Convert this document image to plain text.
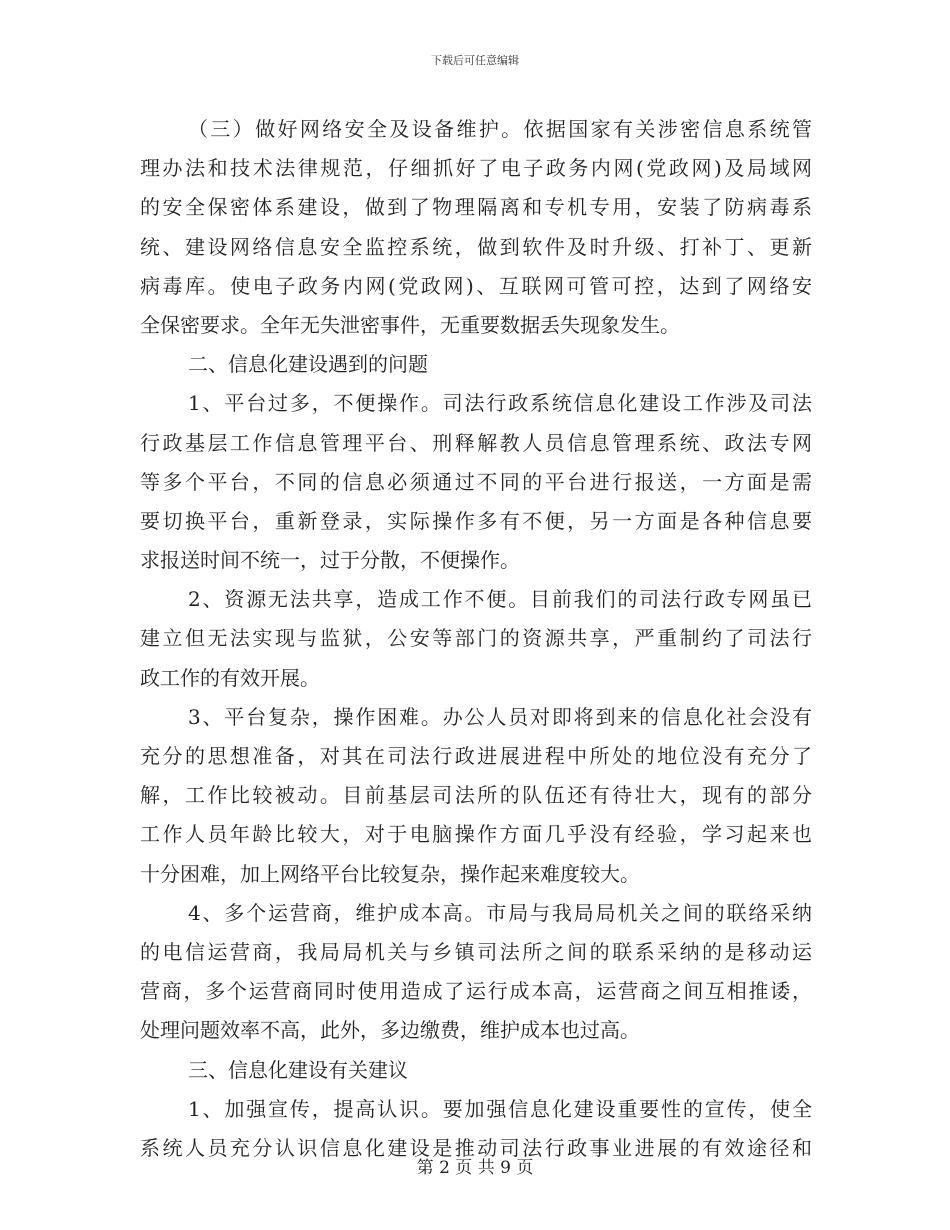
下载后可任意编辑
（三）做好网络安全及设备维护。依据国家有关涉密信息系统管
理办法和技术法律规范，仔细抓好了电子政务内网(党政网)及局域网
的安全保密体系建设，做到了物理隔离和专机专用，安装了防病毒系
统、建设网络信息安全监控系统，做到软件及时升级、打补丁、更新
病毒库。使电子政务内网(党政网)、互联网可管可控，达到了网络安
全保密要求。全年无失泄密事件，无重要数据丢失现象发生。
二、信息化建设遇到的问题
1、平台过多，不便操作。司法行政系统信息化建设工作涉及司法
行政基层工作信息管理平台、刑释解教人员信息管理系统、政法专网
等多个平台，不同的信息必须通过不同的平台进行报送，一方面是需
要切换平台，重新登录，实际操作多有不便，另一方面是各种信息要
求报送时间不统一，过于分散，不便操作。
2、资源无法共享，造成工作不便。目前我们的司法行政专网虽已
建立但无法实现与监狱，公安等部门的资源共享，严重制约了司法行
政工作的有效开展。
3、平台复杂，操作困难。办公人员对即将到来的信息化社会没有
充分的思想准备，对其在司法行政进展进程中所处的地位没有充分了
解，工作比较被动。目前基层司法所的队伍还有待壮大，现有的部分
工作人员年龄比较大，对于电脑操作方面几乎没有经验，学习起来也
十分困难，加上网络平台比较复杂，操作起来难度较大。
4、多个运营商，维护成本高。市局与我局局机关之间的联络采纳
的电信运营商，我局局机关与乡镇司法所之间的联系采纳的是移动运
营商，多个运营商同时使用造成了运行成本高，运营商之间互相推诿，
处理问题效率不高，此外，多边缴费，维护成本也过高。
三、信息化建设有关建议
1、加强宣传，提高认识。要加强信息化建设重要性的宣传，使全
系统人员充分认识信息化建设是推动司法行政事业进展的有效途径和
第 2 页 共 9 页
